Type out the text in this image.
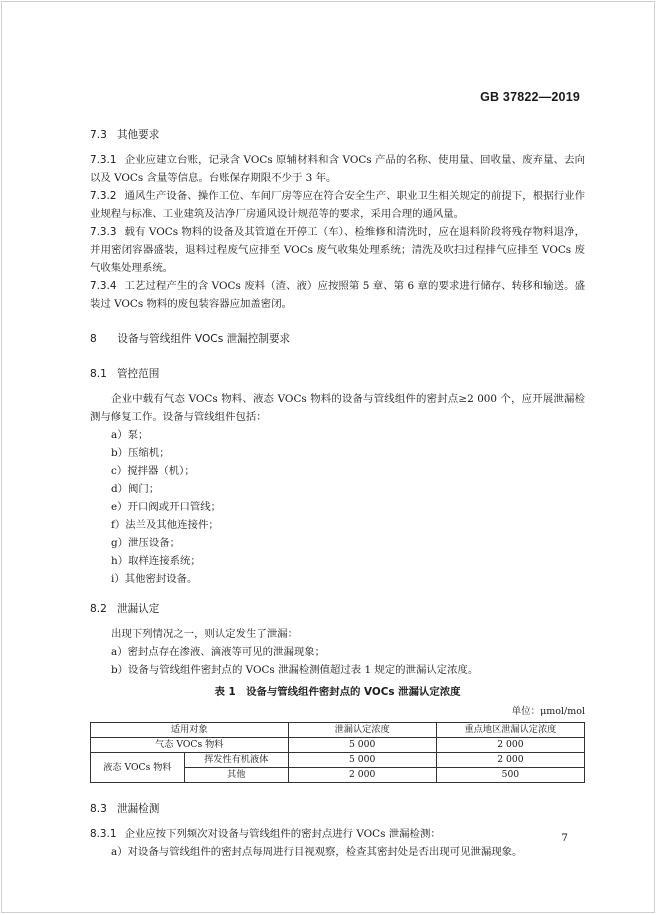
GB 37822—2019
7.3 其他要求

7.3.1 企业应建立台账，记录含 VOCs 原辅材料和含 VOCs 产品的名称、使用量、回收量、废弃量、去向以及 VOCs 含量等信息。台账保存期限不少于 3 年。

7.3.2 通风生产设备、操作工位、车间厂房等应在符合安全生产、职业卫生相关规定的前提下，根据行业作业规程与标准、工业建筑及洁净厂房通风设计规范等的要求，采用合理的通风量。

7.3.3 载有 VOCs 物料的设备及其管道在开停工（车）、检维修和清洗时，应在退料阶段将残存物料退净，并用密闭容器盛装，退料过程废气应排至 VOCs 废气收集处理系统；清洗及吹扫过程排气应排至 VOCs 废气收集处理系统。

7.3.4 工艺过程产生的含 VOCs 废料（渣、液）应按照第 5 章、第 6 章的要求进行储存、转移和输送。盛装过 VOCs 物料的废包装容器应加盖密闭。

8 设备与管线组件 VOCs 泄漏控制要求
8.1 管控范围

企业中载有气态 VOCs 物料、液态 VOCs 物料的设备与管线组件的密封点≥2 000 个，应开展泄漏检测与修复工作。设备与管线组件包括：

a）泵；
b）压缩机；
c）搅拌器（机）；
d）阀门；
e）开口阀或开口管线；
f）法兰及其他连接件；
g）泄压设备；
h）取样连接系统；
i）其他密封设备。
8.2 泄漏认定

出现下列情况之一，则认定发生了泄漏：

a）密封点存在渗液、滴液等可见的泄漏现象；
b）设备与管线组件密封点的 VOCs 泄漏检测值超过表 1 规定的泄漏认定浓度。
表 1　设备与管线组件密封点的 VOCs 泄漏认定浓度
单位：μmol/mol
适用对象		泄漏认定浓度	重点地区泄漏认定浓度
气态 VOCs 物料		5 000	2 000
液态 VOCs 物料	挥发性有机液体	5 000	2 000
	其他	2 000	500
8.3 泄漏检测

8.3.1 企业应按下列频次对设备与管线组件的密封点进行 VOCs 泄漏检测：

a）对设备与管线组件的密封点每周进行目视观察，检查其密封处是否出现可见泄漏现象。
7
